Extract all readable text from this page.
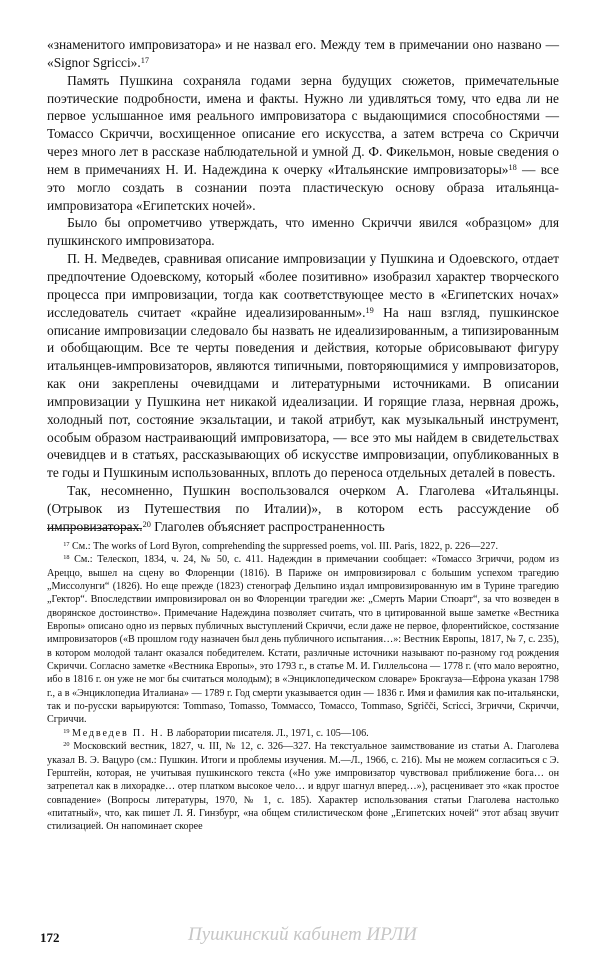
«знаменитого импровизатора» и не назвал его. Между тем в примечании оно названо — «Signor Sgricci».$^{17}$

Память Пушкина сохраняла годами зерна будущих сюжетов, примечательные поэтические подробности, имена и факты. Нужно ли удивляться тому, что едва ли не первое услышанное имя реального импровизатора с выдающимися способностями — Томассо Скриччи, восхищенное описание его искусства, а затем встреча со Скриччи через много лет в рассказе наблюдательной и умной Д. Ф. Фикельмон, новые сведения о нем в примечаниях Н. И. Надеждина к очерку «Итальянские импровизаторы»$^{18}$ — все это могло создать в сознании поэта пластическую основу образа итальянца-импровизатора «Египетских ночей».

Было бы опрометчиво утверждать, что именно Скриччи явился «образцом» для пушкинского импровизатора.

П. Н. Медведев, сравнивая описание импровизации у Пушкина и Одоевского, отдает предпочтение Одоевскому, который «более позитивно» изобразил характер творческого процесса при импровизации, тогда как соответствующее место в «Египетских ночах» исследователь считает «крайне идеализированным».$^{19}$ На наш взгляд, пушкинское описание импровизации следовало бы назвать не идеализированным, а типизированным и обобщающим. Все те черты поведения и действия, которые обрисовывают фигуру итальянцев-импровизаторов, являются типичными, повторяющимися у импровизаторов, как они закреплены очевидцами и литературными источниками. В описании импровизации у Пушкина нет никакой идеализации. И горящие глаза, нервная дрожь, холодный пот, состояние экзальтации, и такой атрибут, как музыкальный инструмент, особым образом настраивающий импровизатора, — все это мы найдем в свидетельствах очевидцев и в статьях, рассказывающих об искусстве импровизации, опубликованных в те годы и Пушкиным использованных, вплоть до переноса отдельных деталей в повесть.

Так, несомненно, Пушкин воспользовался очерком А. Глаголева «Итальянцы. (Отрывок из Путешествия по Италии)», в котором есть рассуждение об импровизаторах.$^{20}$ Глаголев объясняет распространенность

$^{17}$ См.: The works of Lord Byron, comprehending the suppressed poems, vol. III. Paris, 1822, p. 226—227.

$^{18}$ См.: Телескоп, 1834, ч. 24, № 50, с. 411. Надеждин в примечании сообщает: «Томассо Згриччи, родом из Ареццо, вышел на сцену во Флоренции (1816). В Париже он импровизировал с большим успехом трагедию „Миссолунги“ (1826). Но еще прежде (1823) стенограф Дельпино издал импровизированную им в Турине трагедию „Гектор“. Впоследствии импровизировал он во Флоренции трагедии же: „Смерть Марии Стюарт“, за что возведен в дворянское достоинство». Примечание Надеждина позволяет считать, что в цитированной выше заметке «Вестника Европы» описано одно из первых публичных выступлений Скриччи, если даже не первое, флорентийское, состязание импровизаторов («В прошлом году назначен был день публичного испытания…»: Вестник Европы, 1817, № 7, с. 235), в котором молодой талант оказался победителем. Кстати, различные источники называют по-разному год рождения Скриччи. Согласно заметке «Вестника Европы», это 1793 г., в статье М. И. Гиллельсона — 1778 г. (что мало вероятно, ибо в 1816 г. он уже не мог бы считаться молодым); в «Энциклопедическом словаре» Брокгауза—Ефрона указан 1798 г., а в «Энциклопедиа Италиана» — 1789 г. Год смерти указывается один — 1836 г. Имя и фамилия как по-итальянски, так и по-русски варьируются: Tommaso, Tomasso, Томмассо, Томассо, Tommaso, Sgričči, Scricci, Згриччи, Скриччи, Сгриччи.

$^{19}$ Медведев П. Н. В лаборатории писателя. Л., 1971, с. 105—106.

$^{20}$ Московский вестник, 1827, ч. III, № 12, с. 326—327. На текстуальное заимствование из статьи А. Глаголева указал В. Э. Вацуро (см.: Пушкин. Итоги и проблемы изучения. М.—Л., 1966, с. 216). Мы не можем согласиться с Э. Герштейн, которая, не учитывая пушкинского текста («Но уже импровизатор чувствовал приближение бога… он затрепетал как в лихорадке… отер платком высокое чело… и вдруг шагнул вперед…»), расценивает это «как простое совпадение» (Вопросы литературы, 1970, № 1, с. 185). Характер использования статьи Глаголева настолько «питатный», что, как пишет Л. Я. Гинзбург, «на общем стилистическом фоне „Египетских ночей“ этот абзац звучит стилизацией. Он напоминает скорее

172	Пушкинский кабинет ИРЛИ
